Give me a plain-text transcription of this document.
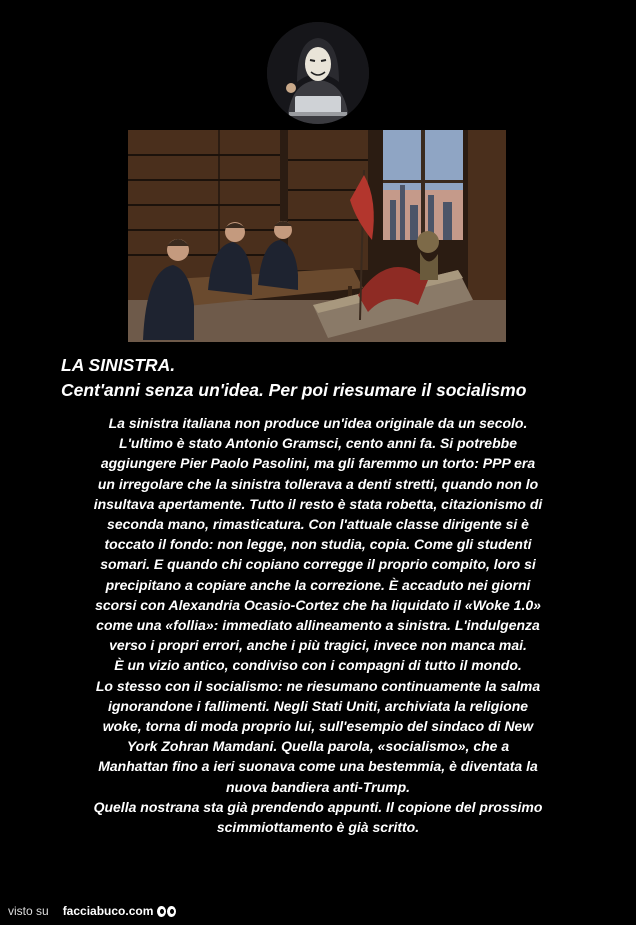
LA SINISTRA.
Cent'anni senza un'idea. Per poi riesumare il socialismo
La sinistra italiana non produce un'idea originale da un secolo.
L'ultimo è stato Antonio Gramsci, cento anni fa. Si potrebbe
aggiungere Pier Paolo Pasolini, ma gli faremmo un torto: PPP era
un irregolare che la sinistra tollerava a denti stretti, quando non lo
insultava apertamente. Tutto il resto è stata robetta, citazionismo di
seconda mano, rimasticatura. Con l'attuale classe dirigente si è
toccato il fondo: non legge, non studia, copia. Come gli studenti
somari. E quando chi copiano corregge il proprio compito, loro si
precipitano a copiare anche la correzione. È accaduto nei giorni
scorsi con Alexandria Ocasio-Cortez che ha liquidato il «Woke 1.0»
come una «follia»: immediato allineamento a sinistra. L'indulgenza
verso i propri errori, anche i più tragici, invece non manca mai.
È un vizio antico, condiviso con i compagni di tutto il mondo.
Lo stesso con il socialismo: ne riesumano continuamente la salma
ignorandone i fallimenti. Negli Stati Uniti, archiviata la religione
woke, torna di moda proprio lui, sull'esempio del sindaco di New
York Zohran Mamdani. Quella parola, «socialismo», che a
Manhattan fino a ieri suonava come una bestemmia, è diventata la
nuova bandiera anti-Trump.
Quella nostrana sta già prendendo appunti. Il copione del prossimo
scimmiottamento è già scritto.
visto su facciabuco.com
